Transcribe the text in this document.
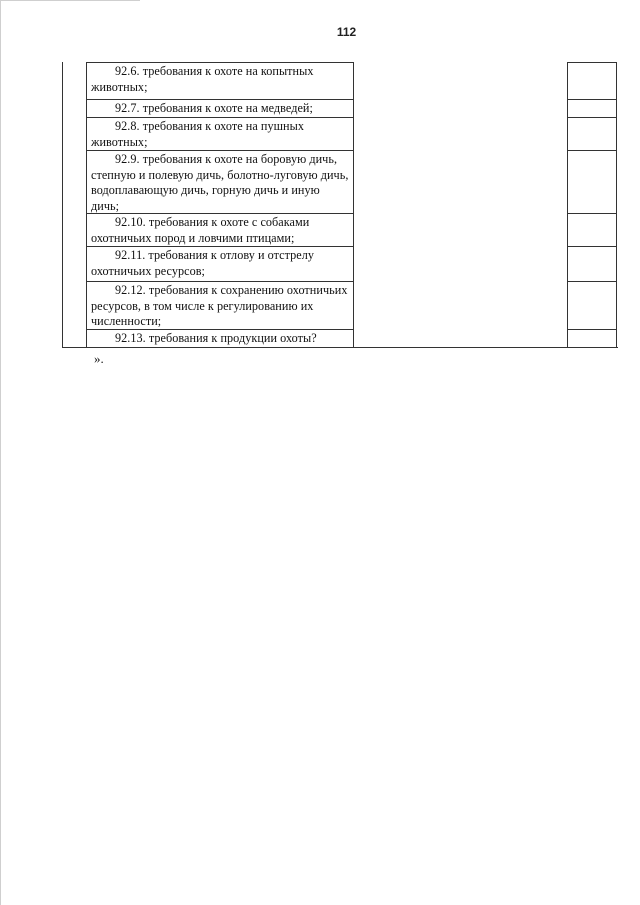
112
92.6. требования к охоте на копытных животных;
92.7. требования к охоте на медведей;
92.8. требования к охоте на пушных животных;
92.9. требования к охоте на боровую дичь, степную и полевую дичь, болотно-луговую дичь, водоплавающую дичь, горную дичь и иную дичь;
92.10. требования к охоте с собаками охотничьих пород и ловчими птицами;
92.11. требования к отлову и отстрелу охотничьих ресурсов;
92.12. требования к сохранению охотничьих ресурсов, в том числе к регулированию их численности;
92.13. требования к продукции охоты?
».
